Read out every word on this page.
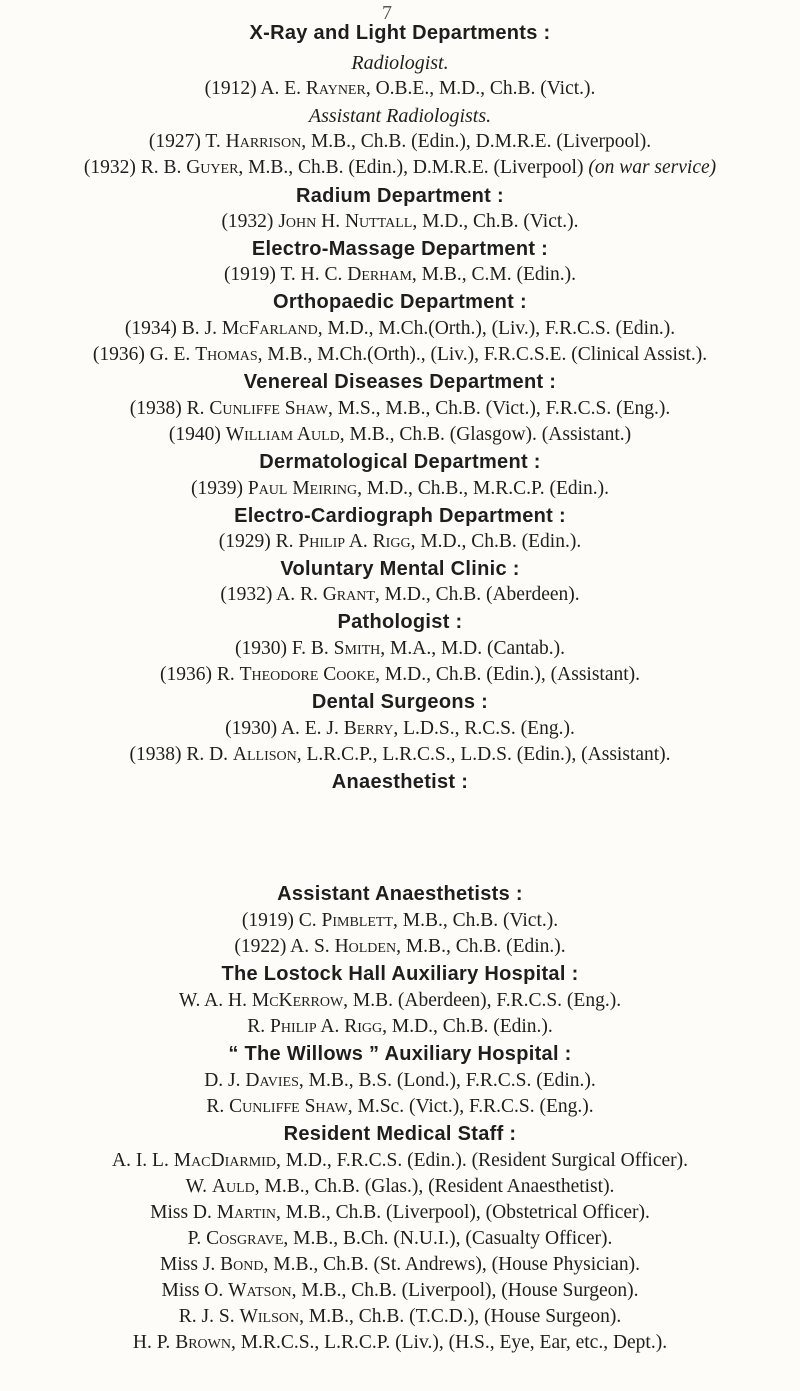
7
X-Ray and Light Departments :
Radiologist.
(1912) A. E. Rayner, O.B.E., M.D., Ch.B. (Vict.).
Assistant Radiologists.
(1927) T. Harrison, M.B., Ch.B. (Edin.), D.M.R.E. (Liverpool).
(1932) R. B. Guyer, M.B., Ch.B. (Edin.), D.M.R.E. (Liverpool) (on war service)
Radium Department :
(1932) John H. Nuttall, M.D., Ch.B. (Vict.).
Electro-Massage Department :
(1919) T. H. C. Derham, M.B., C.M. (Edin.).
Orthopaedic Department :
(1934) B. J. McFarland, M.D., M.Ch.(Orth.), (Liv.), F.R.C.S. (Edin.).
(1936) G. E. Thomas, M.B., M.Ch.(Orth)., (Liv.), F.R.C.S.E. (Clinical Assist.).
Venereal Diseases Department :
(1938) R. Cunliffe Shaw, M.S., M.B., Ch.B. (Vict.), F.R.C.S. (Eng.).
(1940) William Auld, M.B., Ch.B. (Glasgow). (Assistant.)
Dermatological Department :
(1939) Paul Meiring, M.D., Ch.B., M.R.C.P. (Edin.).
Electro-Cardiograph Department :
(1929) R. Philip A. Rigg, M.D., Ch.B. (Edin.).
Voluntary Mental Clinic :
(1932) A. R. Grant, M.D., Ch.B. (Aberdeen).
Pathologist :
(1930) F. B. Smith, M.A., M.D. (Cantab.).
(1936) R. Theodore Cooke, M.D., Ch.B. (Edin.), (Assistant).
Dental Surgeons :
(1930) A. E. J. Berry, L.D.S., R.C.S. (Eng.).
(1938) R. D. Allison, L.R.C.P., L.R.C.S., L.D.S. (Edin.), (Assistant).
Anaesthetist :
Assistant Anaesthetists :
(1919) C. Pimblett, M.B., Ch.B. (Vict.).
(1922) A. S. Holden, M.B., Ch.B. (Edin.).
The Lostock Hall Auxiliary Hospital :
W. A. H. McKerrow, M.B. (Aberdeen), F.R.C.S. (Eng.).
R. Philip A. Rigg, M.D., Ch.B. (Edin.).
“ The Willows ” Auxiliary Hospital :
D. J. Davies, M.B., B.S. (Lond.), F.R.C.S. (Edin.).
R. Cunliffe Shaw, M.Sc. (Vict.), F.R.C.S. (Eng.).
Resident Medical Staff :
A. I. L. MacDiarmid, M.D., F.R.C.S. (Edin.). (Resident Surgical Officer).
W. Auld, M.B., Ch.B. (Glas.), (Resident Anaesthetist).
Miss D. Martin, M.B., Ch.B. (Liverpool), (Obstetrical Officer).
P. Cosgrave, M.B., B.Ch. (N.U.I.), (Casualty Officer).
Miss J. Bond, M.B., Ch.B. (St. Andrews), (House Physician).
Miss O. Watson, M.B., Ch.B. (Liverpool), (House Surgeon).
R. J. S. Wilson, M.B., Ch.B. (T.C.D.), (House Surgeon).
H. P. Brown, M.R.C.S., L.R.C.P. (Liv.), (H.S., Eye, Ear, etc., Dept.).
